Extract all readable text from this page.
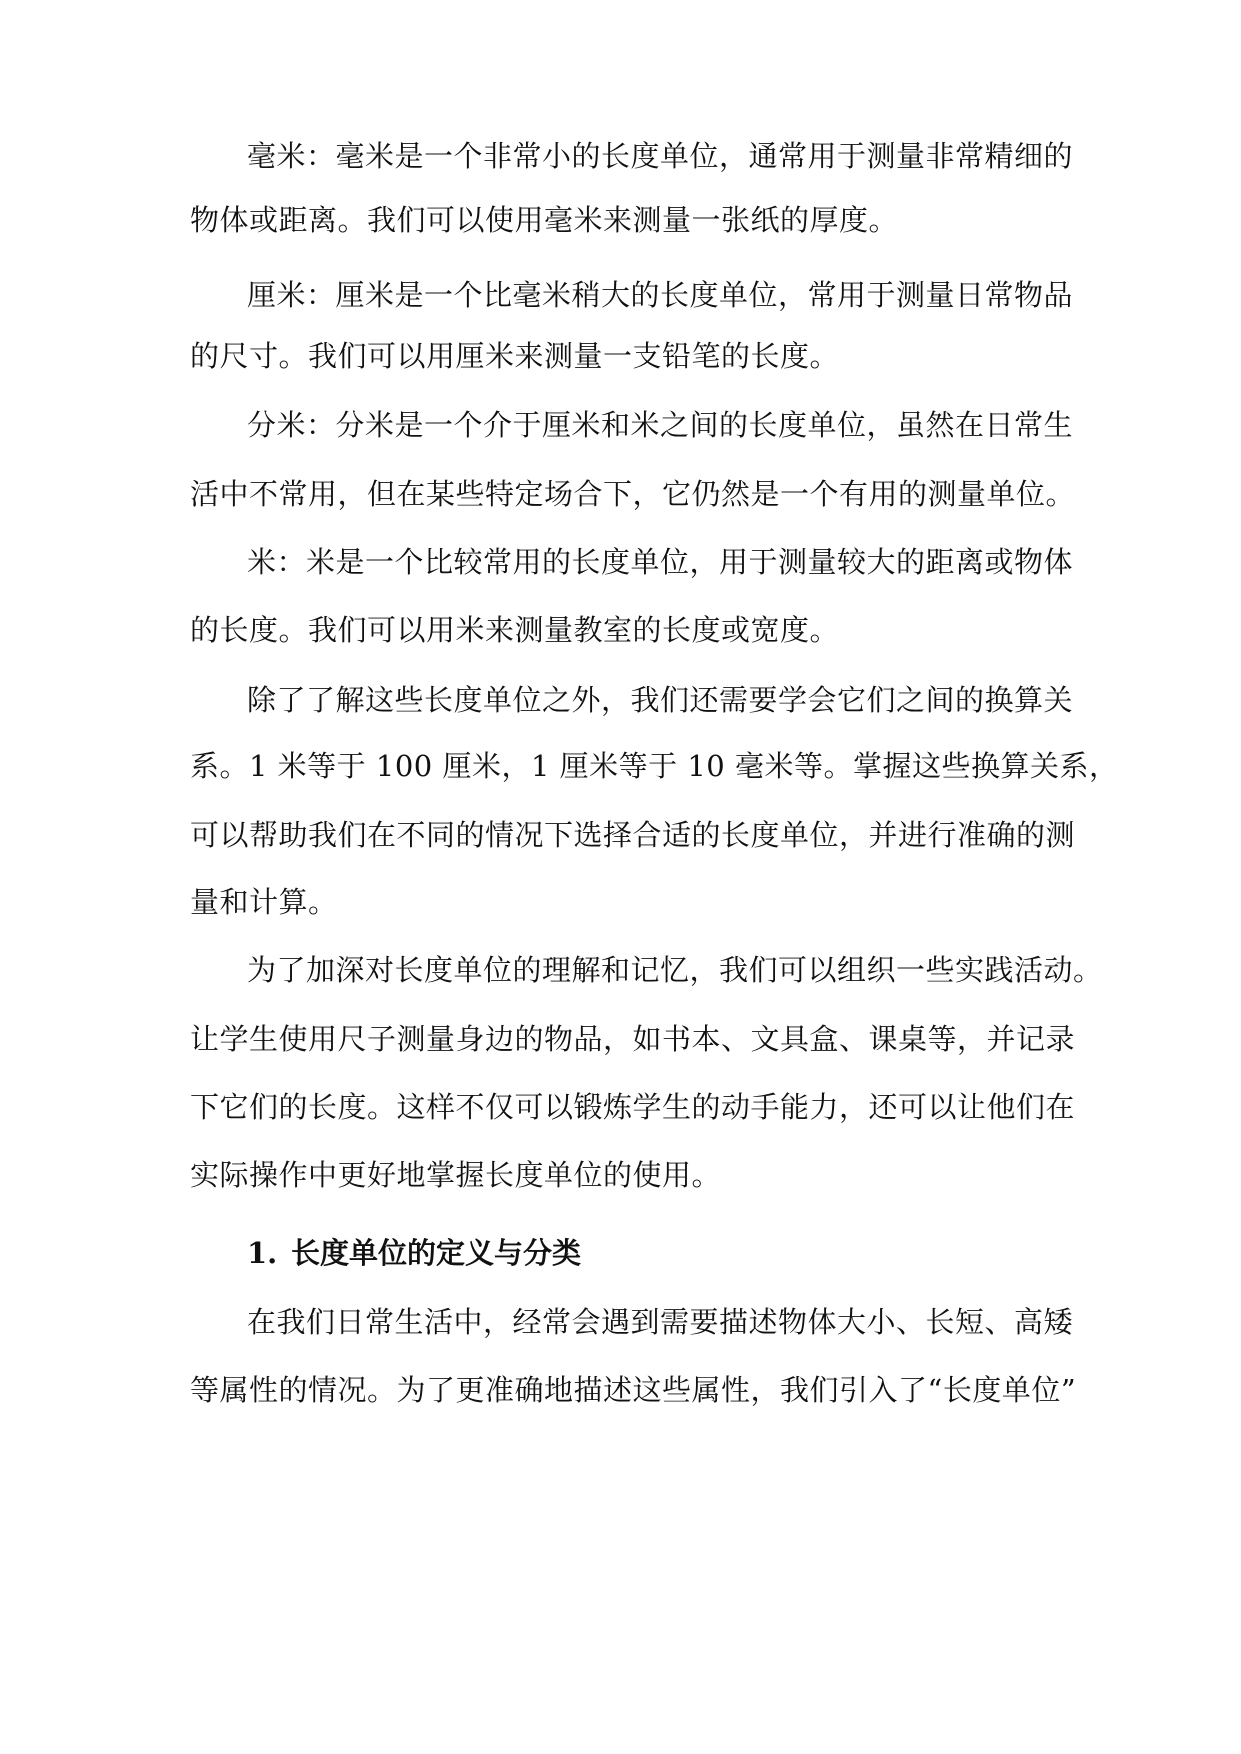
毫米：毫米是一个非常小的长度单位，通常用于测量非常精细的
物体或距离。我们可以使用毫米来测量一张纸的厚度。
厘米：厘米是一个比毫米稍大的长度单位，常用于测量日常物品
的尺寸。我们可以用厘米来测量一支铅笔的长度。
分米：分米是一个介于厘米和米之间的长度单位，虽然在日常生
活中不常用，但在某些特定场合下，它仍然是一个有用的测量单位。
米：米是一个比较常用的长度单位，用于测量较大的距离或物体
的长度。我们可以用米来测量教室的长度或宽度。
除了了解这些长度单位之外，我们还需要学会它们之间的换算关
系。1 米等于 100 厘米，1 厘米等于 10 毫米等。掌握这些换算关系，
可以帮助我们在不同的情况下选择合适的长度单位，并进行准确的测
量和计算。
为了加深对长度单位的理解和记忆，我们可以组织一些实践活动。
让学生使用尺子测量身边的物品，如书本、文具盒、课桌等，并记录
下它们的长度。这样不仅可以锻炼学生的动手能力，还可以让他们在
实际操作中更好地掌握长度单位的使用。
1. 长度单位的定义与分类
在我们日常生活中，经常会遇到需要描述物体大小、长短、高矮
等属性的情况。为了更准确地描述这些属性，我们引入了“长度单位”
